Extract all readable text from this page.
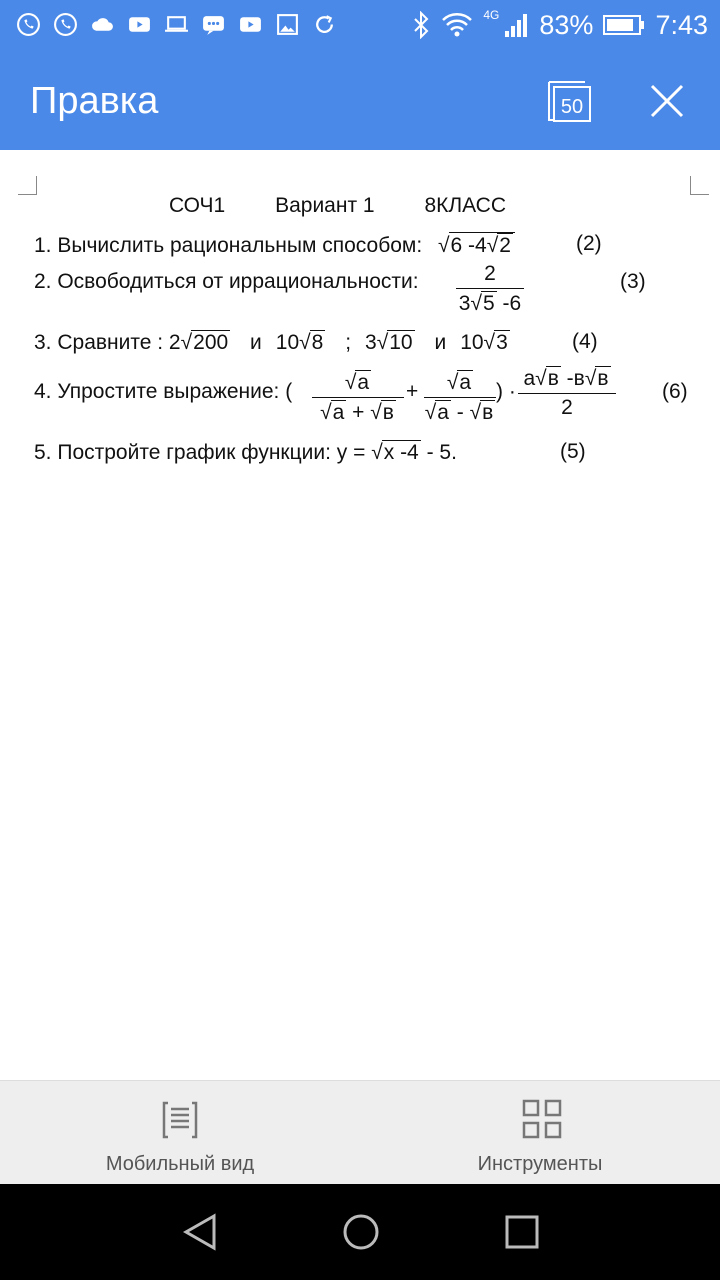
4G 83% 7:43
Правка	50
СОЧ1 Вариант 1 8КЛАСС
1. Вычислить рациональным способом: √ 6 -4 √ 2	(2)
2. Освободиться от иррациональности: $\frac{2}{3√ 5 -6}$	(3)
3. Сравните : 2 √ 200 и 10 √ 8 ; 3 √ 10 и 10 √ 3	(4)
4. Упростите выражение: ( √	a
√ a + √ в
+ √	a
√ a - √ в
) ·
a √ в -в √ в
2
(6)
5. Постройте график функции: y = √ x -4 - 5.	(5)
Мобильный вид	Инструменты
